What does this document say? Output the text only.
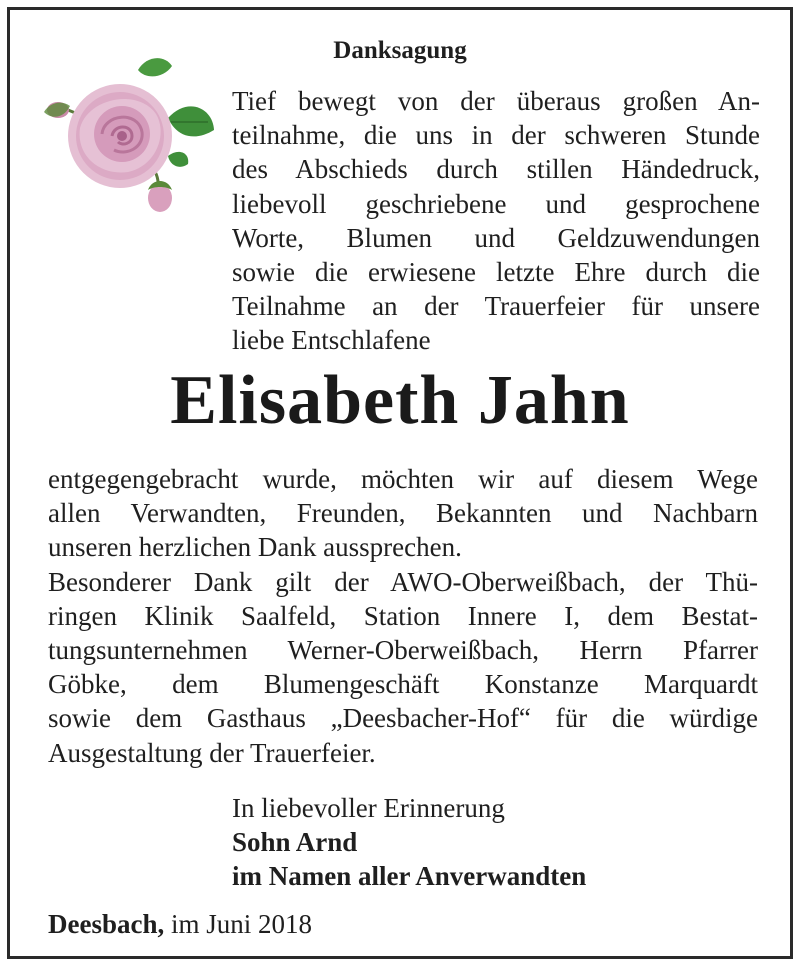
Danksagung
Tief bewegt von der überaus großen An-
teilnahme, die uns in der schweren Stunde
des Abschieds durch stillen Händedruck,
liebevoll geschriebene und gesprochene
Worte, Blumen und Geldzuwendungen
sowie die erwiesene letzte Ehre durch die
Teilnahme an der Trauerfeier für unsere
liebe Entschlafene
Elisabeth Jahn
entgegengebracht wurde, möchten wir auf diesem Wege
allen Verwandten, Freunden, Bekannten und Nachbarn
unseren herzlichen Dank aussprechen.
Besonderer Dank gilt der AWO-Oberweißbach, der Thü-
ringen Klinik Saalfeld, Station Innere I, dem Bestat-
tungsunternehmen Werner-Oberweißbach, Herrn Pfarrer
Göbke, dem Blumengeschäft Konstanze Marquardt
sowie dem Gasthaus „Deesbacher-Hof“ für die würdige
Ausgestaltung der Trauerfeier.
In liebevoller Erinnerung
Sohn Arnd
im Namen aller Anverwandten
Deesbach, im Juni 2018
